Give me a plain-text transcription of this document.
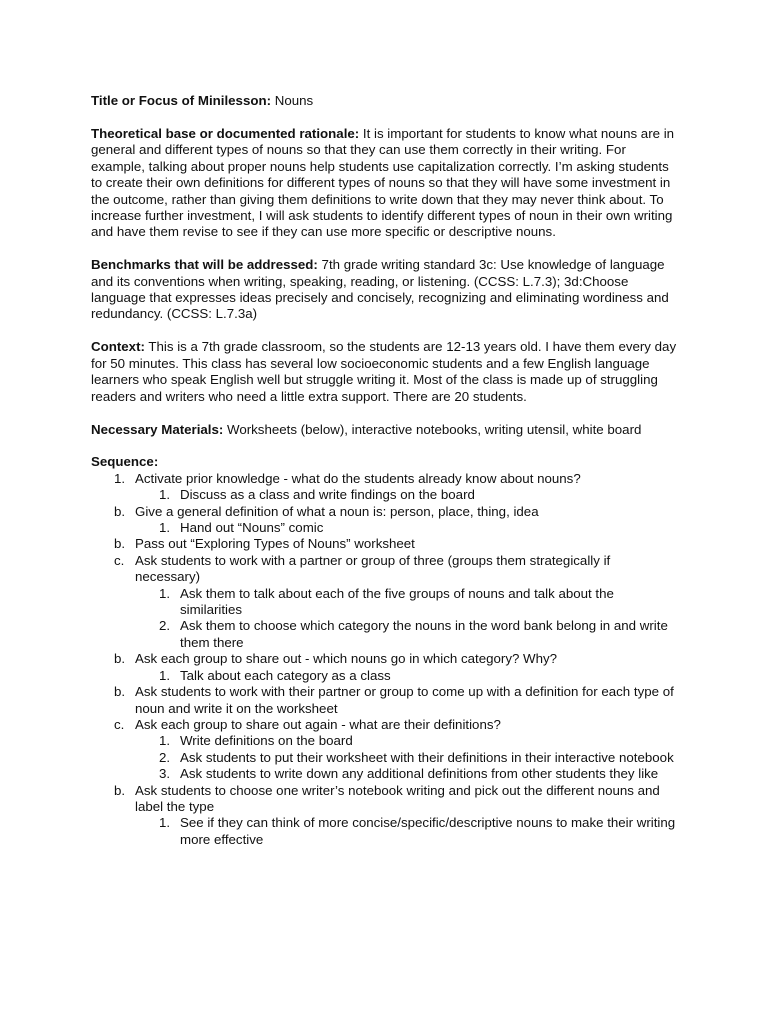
Title or Focus of Minilesson: Nouns

Theoretical base or documented rationale: It is important for students to know what nouns are in general and different types of nouns so that they can use them correctly in their writing. For example, talking about proper nouns help students use capitalization correctly. I’m asking students to create their own definitions for different types of nouns so that they will have some investment in the outcome, rather than giving them definitions to write down that they may never think about. To increase further investment, I will ask students to identify different types of noun in their own writing and have them revise to see if they can use more specific or descriptive nouns.

Benchmarks that will be addressed: 7th grade writing standard 3c: Use knowledge of language and its conventions when writing, speaking, reading, or listening. (CCSS: L.7.3); 3d:Choose language that expresses ideas precisely and concisely, recognizing and eliminating wordiness and redundancy. (CCSS: L.7.3a)

Context: This is a 7th grade classroom, so the students are 12-13 years old. I have them every day for 50 minutes. This class has several low socioeconomic students and a few English language learners who speak English well but struggle writing it. Most of the class is made up of struggling readers and writers who need a little extra support. There are 20 students.

Necessary Materials: Worksheets (below), interactive notebooks, writing utensil, white board

Sequence:

1. Activate prior knowledge - what do the students already know about nouns?
1. Discuss as a class and write findings on the board
b. Give a general definition of what a noun is: person, place, thing, idea
1. Hand out “Nouns” comic
b. Pass out “Exploring Types of Nouns” worksheet
c. Ask students to work with a partner or group of three (groups them strategically if necessary)
1. Ask them to talk about each of the five groups of nouns and talk about the similarities
2. Ask them to choose which category the nouns in the word bank belong in and write them there
b. Ask each group to share out - which nouns go in which category? Why?
1. Talk about each category as a class
b. Ask students to work with their partner or group to come up with a definition for each type of noun and write it on the worksheet
c. Ask each group to share out again - what are their definitions?
1. Write definitions on the board
2. Ask students to put their worksheet with their definitions in their interactive notebook
3. Ask students to write down any additional definitions from other students they like
b. Ask students to choose one writer’s notebook writing and pick out the different nouns and label the type
1. See if they can think of more concise/specific/descriptive nouns to make their writing more effective
